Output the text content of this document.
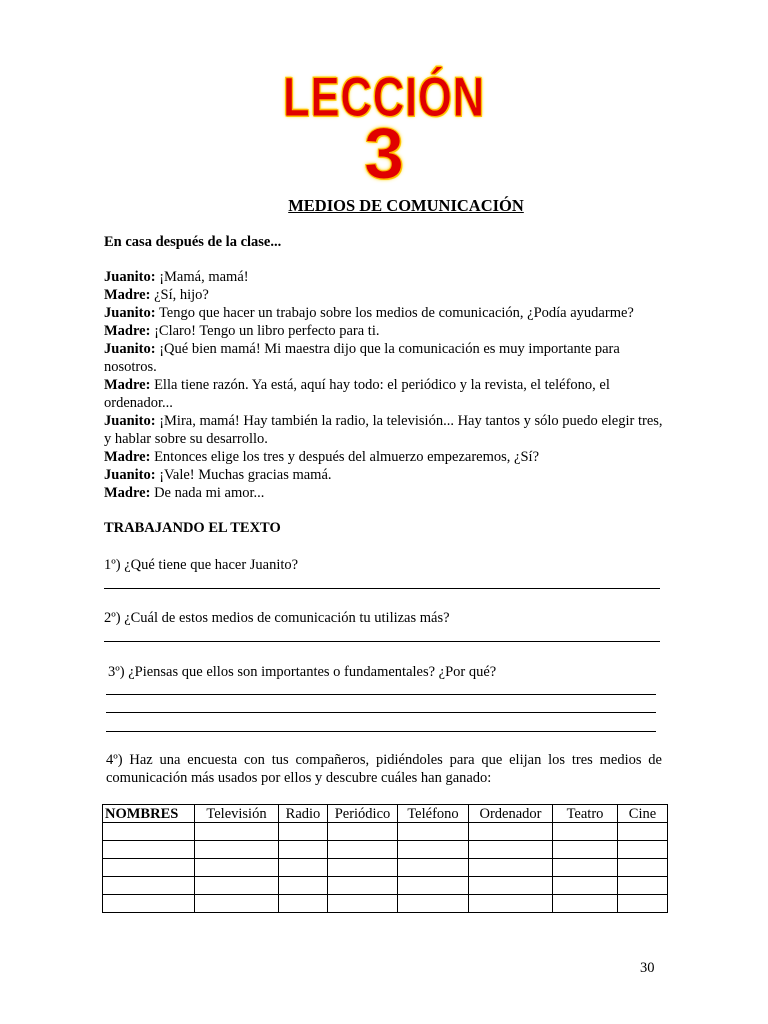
LECCIÓN
3
MEDIOS DE COMUNICACIÓN
En casa después de la clase...
Juanito: ¡Mamá, mamá!
Madre: ¿Sí, hijo?
Juanito: Tengo que hacer un trabajo sobre los medios de comunicación, ¿Podía ayudarme?
Madre: ¡Claro! Tengo un libro perfecto para ti.
Juanito: ¡Qué bien mamá! Mi maestra dijo que la comunicación es muy importante para nosotros.
Madre: Ella tiene razón. Ya está, aquí hay todo: el periódico y la revista, el teléfono, el ordenador...
Juanito: ¡Mira, mamá! Hay también la radio, la televisión... Hay tantos y sólo puedo elegir tres, y hablar sobre su desarrollo.
Madre: Entonces elige los tres y después del almuerzo empezaremos, ¿Sí?
Juanito: ¡Vale! Muchas gracias mamá.
Madre: De nada mi amor...
TRABAJANDO EL TEXTO
1º) ¿Qué tiene que hacer Juanito?
2º) ¿Cuál de estos medios de comunicación tu utilizas más?
3º) ¿Piensas que ellos son importantes o fundamentales? ¿Por qué?
4º) Haz una encuesta con tus compañeros, pidiéndoles para que elijan los tres medios de comunicación más usados por ellos y descubre cuáles han ganado:
NOMBRES	Televisión	Radio	Periódico	Teléfono	Ordenador	Teatro	Cine

30
